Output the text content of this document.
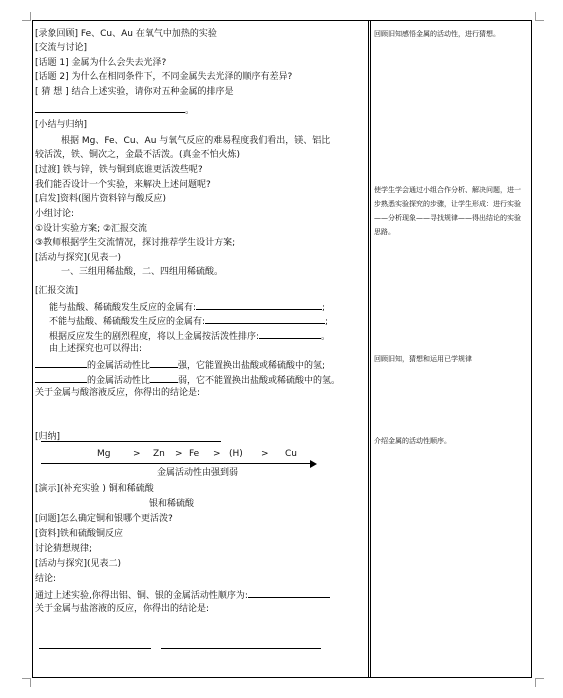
[录象回顾] Fe、Cu、Au 在氧气中加热的实验
[交流与讨论]
[话题 1] 金属为什么会失去光泽?
[话题 2] 为什么在相同条件下，不同金属失去光泽的顺序有差异?
[ 猜 想 ] 结合上述实验，请你对五种金属的排序是
。
[小结与归纳]
根据 Mg、Fe、Cu、Au 与氧气反应的难易程度我们看出，镁、铝比
较活泼，铁、铜次之，金最不活泼。(真金不怕火炼)
[过渡] 铁与锌，铁与铜到底谁更活泼些呢?
我们能否设计一个实验，来解决上述问题呢?
[启发]资料(图片资料锌与酸反应)
小组讨论:
①设计实验方案; ②汇报交流
③教师根据学生交流情况，探讨推荐学生设计方案;
[活动与探究](见表一)
一、三组用稀盐酸，二、四组用稀硫酸。
[汇报交流]
能与盐酸、稀硫酸发生反应的金属有:	;
不能与盐酸、稀硫酸发生反应的金属有:	;
根据反应发生的剧烈程度，将以上金属按活泼性排序:	。
由上述探究也可以得出:
的金属活动性比	强，它能置换出盐酸或稀硫酸中的氢;
的金属活动性比	弱，它不能置换出盐酸或稀硫酸中的氢。
关于金属与酸溶液反应，你得出的结论是:
[归纳]
Mg	> Zn > Fe > (H) > Cu
金属活动性由强到弱
[演示](补充实验 ) 铜和稀硫酸
银和稀硫酸
[问题]怎么确定铜和银哪个更活泼?
[资料]铁和硫酸铜反应
讨论猜想规律;
[活动与探究](见表二)
结论:
通过上述实验,你得出铝、铜、银的金属活动性顺序为:
关于金属与盐溶液的反应，你得出的结论是:
回顾旧知感悟金属的活动性，进行猜想。
使学生学会通过小组合作分析、解决问题，进一步熟悉实验探究的步骤，让学生形成：进行实验——分析现象——寻找规律——得出结论的实验思路。
回顾旧知，猜想和运用已学规律
介绍金属的活动性顺序。
